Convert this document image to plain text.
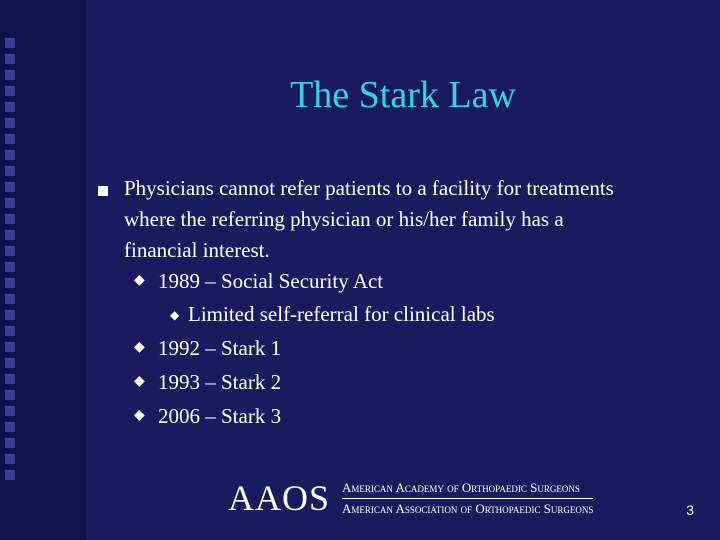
The Stark Law
Physicians cannot refer patients to a facility for treatments
where the referring physician or his/her family has a
financial interest.
◆ 1989 – Social Security Act
◆ Limited self-referral for clinical labs
◆ 1992 – Stark 1
◆ 1993 – Stark 2
◆ 2006 – Stark 3
AAOS American Academy of Orthopaedic Surgeons
American Association of Orthopaedic Surgeons	3
